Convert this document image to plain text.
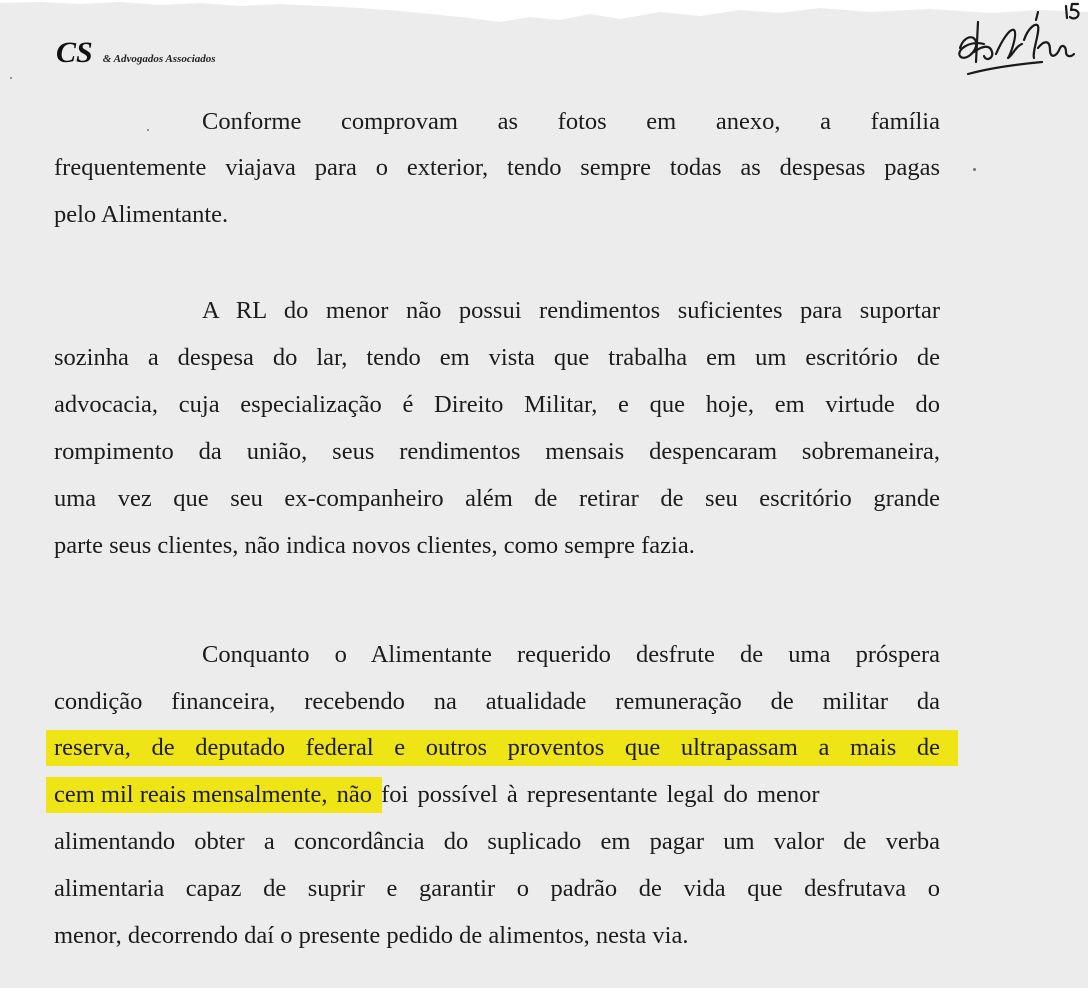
CS & Advogados Associados
Conforme comprovam as fotos em anexo, a família
frequentemente viajava para o exterior, tendo sempre todas as despesas pagas
pelo Alimentante.
A RL do menor não possui rendimentos suficientes para suportar
sozinha a despesa do lar, tendo em vista que trabalha em um escritório de
advocacia, cuja especialização é Direito Militar, e que hoje, em virtude do
rompimento da união, seus rendimentos mensais despencaram sobremaneira,
uma vez que seu ex-companheiro além de retirar de seu escritório grande
parte seus clientes, não indica novos clientes, como sempre fazia.
Conquanto o Alimentante requerido desfrute de uma próspera
condição financeira, recebendo na atualidade remuneração de militar da
reserva, de deputado federal e outros proventos que ultrapassam a mais de
cem mil reais mensalmente, não foi possível à representante legal do menor
alimentando obter a concordância do suplicado em pagar um valor de verba
alimentaria capaz de suprir e garantir o padrão de vida que desfrutava o
menor, decorrendo daí o presente pedido de alimentos, nesta via.
